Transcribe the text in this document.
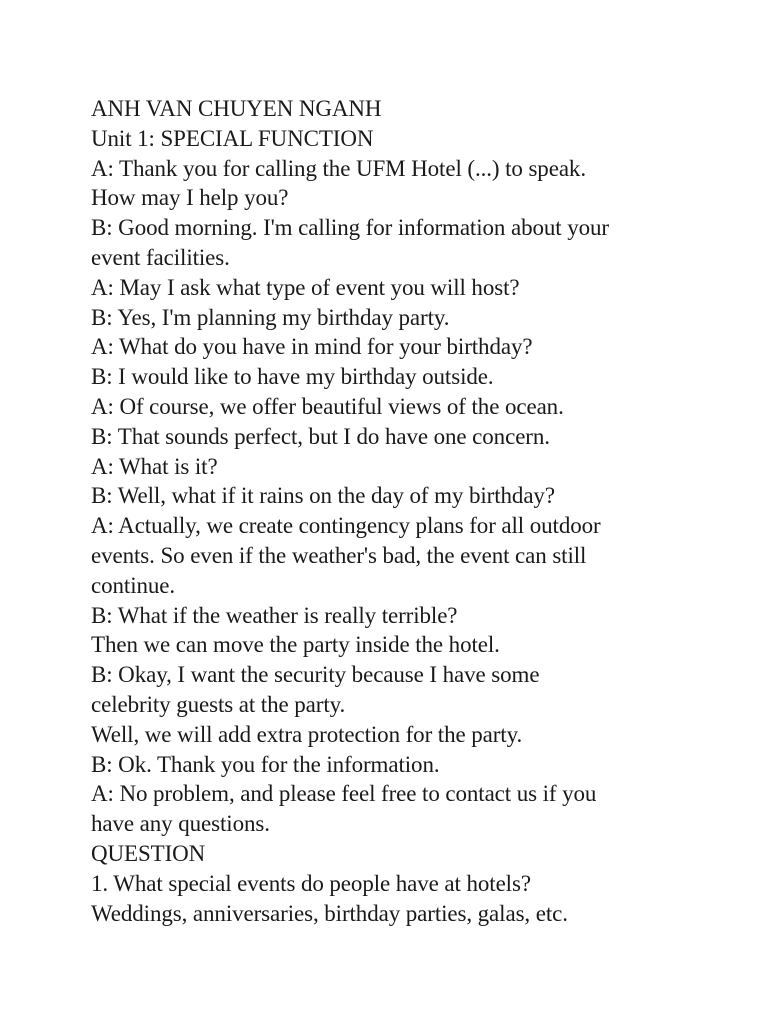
ANH VAN CHUYEN NGANH
Unit 1: SPECIAL FUNCTION
A: Thank you for calling the UFM Hotel (...) to speak.
How may I help you?
B: Good morning. I'm calling for information about your
event facilities.
A: May I ask what type of event you will host?
B: Yes, I'm planning my birthday party.
A: What do you have in mind for your birthday?
B: I would like to have my birthday outside.
A: Of course, we offer beautiful views of the ocean.
B: That sounds perfect, but I do have one concern.
A: What is it?
B: Well, what if it rains on the day of my birthday?
A: Actually, we create contingency plans for all outdoor
events. So even if the weather's bad, the event can still
continue.
B: What if the weather is really terrible?
Then we can move the party inside the hotel.
B: Okay, I want the security because I have some
celebrity guests at the party.
Well, we will add extra protection for the party.
B: Ok. Thank you for the information.
A: No problem, and please feel free to contact us if you
have any questions.
QUESTION
1. What special events do people have at hotels?
Weddings, anniversaries, birthday parties, galas, etc.
